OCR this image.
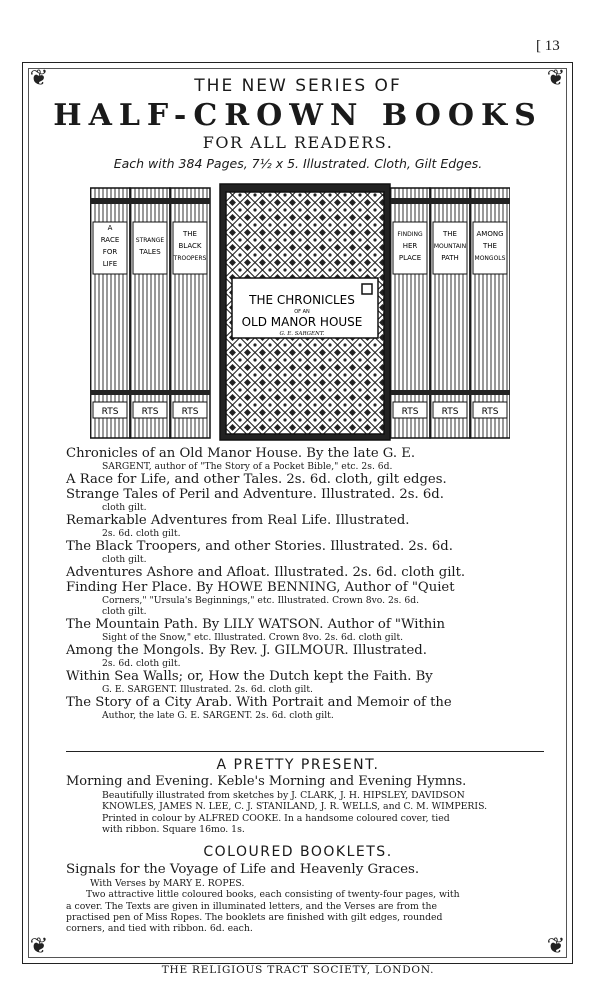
[ 13
❦	❦
❦	❦
THE NEW SERIES OF
HALF-CROWN BOOKS
FOR ALL READERS.
Each with 384 Pages, 7½ x 5. Illustrated. Cloth, Gilt Edges.
A
RACE
FOR
LIFE
RTS
STRANGE
TALES
RTS
THE
BLACK
TROOPERS
RTS
FINDING
HER
PLACE
RTS
THE
MOUNTAIN
PATH
RTS
AMONG
THE
MONGOLS
RTS
THE CHRONICLES
OF AN
OLD MANOR HOUSE
G. E. SARGENT.
Chronicles of an Old Manor House. By the late G. E.
SARGENT, author of "The Story of a Pocket Bible," etc. 2s. 6d.
A Race for Life, and other Tales. 2s. 6d. cloth, gilt edges.
Strange Tales of Peril and Adventure. Illustrated. 2s. 6d.
cloth gilt.
Remarkable Adventures from Real Life. Illustrated.
2s. 6d. cloth gilt.
The Black Troopers, and other Stories. Illustrated. 2s. 6d.
cloth gilt.
Adventures Ashore and Afloat. Illustrated. 2s. 6d. cloth gilt.
Finding Her Place. By HOWE BENNING, Author of "Quiet
Corners," "Ursula's Beginnings," etc. Illustrated. Crown 8vo. 2s. 6d.
cloth gilt.
The Mountain Path. By LILY WATSON. Author of "Within
Sight of the Snow," etc. Illustrated. Crown 8vo. 2s. 6d. cloth gilt.
Among the Mongols. By Rev. J. GILMOUR. Illustrated.
2s. 6d. cloth gilt.
Within Sea Walls; or, How the Dutch kept the Faith. By
G. E. SARGENT. Illustrated. 2s. 6d. cloth gilt.
The Story of a City Arab. With Portrait and Memoir of the
Author, the late G. E. SARGENT. 2s. 6d. cloth gilt.
A PRETTY PRESENT.
Morning and Evening. Keble's Morning and Evening Hymns.
Beautifully illustrated from sketches by J. CLARK, J. H. HIPSLEY, DAVIDSON
KNOWLES, JAMES N. LEE, C. J. STANILAND, J. R. WELLS, and C. M. WIMPERIS.
Printed in colour by ALFRED COOKE. In a handsome coloured cover, tied
with ribbon. Square 16mo. 1s.
COLOURED BOOKLETS.
Signals for the Voyage of Life and Heavenly Graces.
With Verses by MARY E. ROPES.
Two attractive little coloured books, each consisting of twenty-four pages, with
a cover. The Texts are given in illuminated letters, and the Verses are from the
practised pen of Miss Ropes. The booklets are finished with gilt edges, rounded
corners, and tied with ribbon. 6d. each.
THE RELIGIOUS TRACT SOCIETY, LONDON.
